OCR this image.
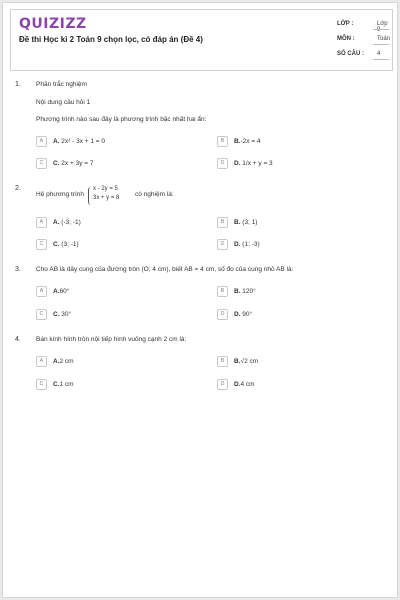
QUIZIZZ
Đề thi Học kì 2 Toán 9 chọn lọc, có đáp án (Đề 4)
LỚP :	Lớp 9
MÔN :	Toán
SỐ CÂU : 4
1. Phần trắc nghiệm
Nội dung câu hỏi 1
Phương trình nào sau đây là phương trình bậc nhất hai ẩn:
A	A. 2x² - 3x + 1 = 0	B	B.-2x = 4
C	C. 2x + 3y = 7	D	D. 1/x + y = 3
2.
Hệ phương trình
x - 2y = 5
3x + y = 8 có nghiệm là:
A	A. (-3; -1)	B	B. (3; 1)
C	C. (3; -1)	D	D. (1; -3)
3. Cho AB là dây cung của đường tròn (O; 4 cm), biết AB = 4 cm, số đo của cung nhỏ AB là:
A	A.60°	B	B. 120°
C	C. 30°	D	D. 90°
4. Bán kính hình tròn nội tiếp hình vuông cạnh 2 cm là:
A	A.2 cm	B	B.√2 cm
C	C.1 cm	D	D.4 cm
